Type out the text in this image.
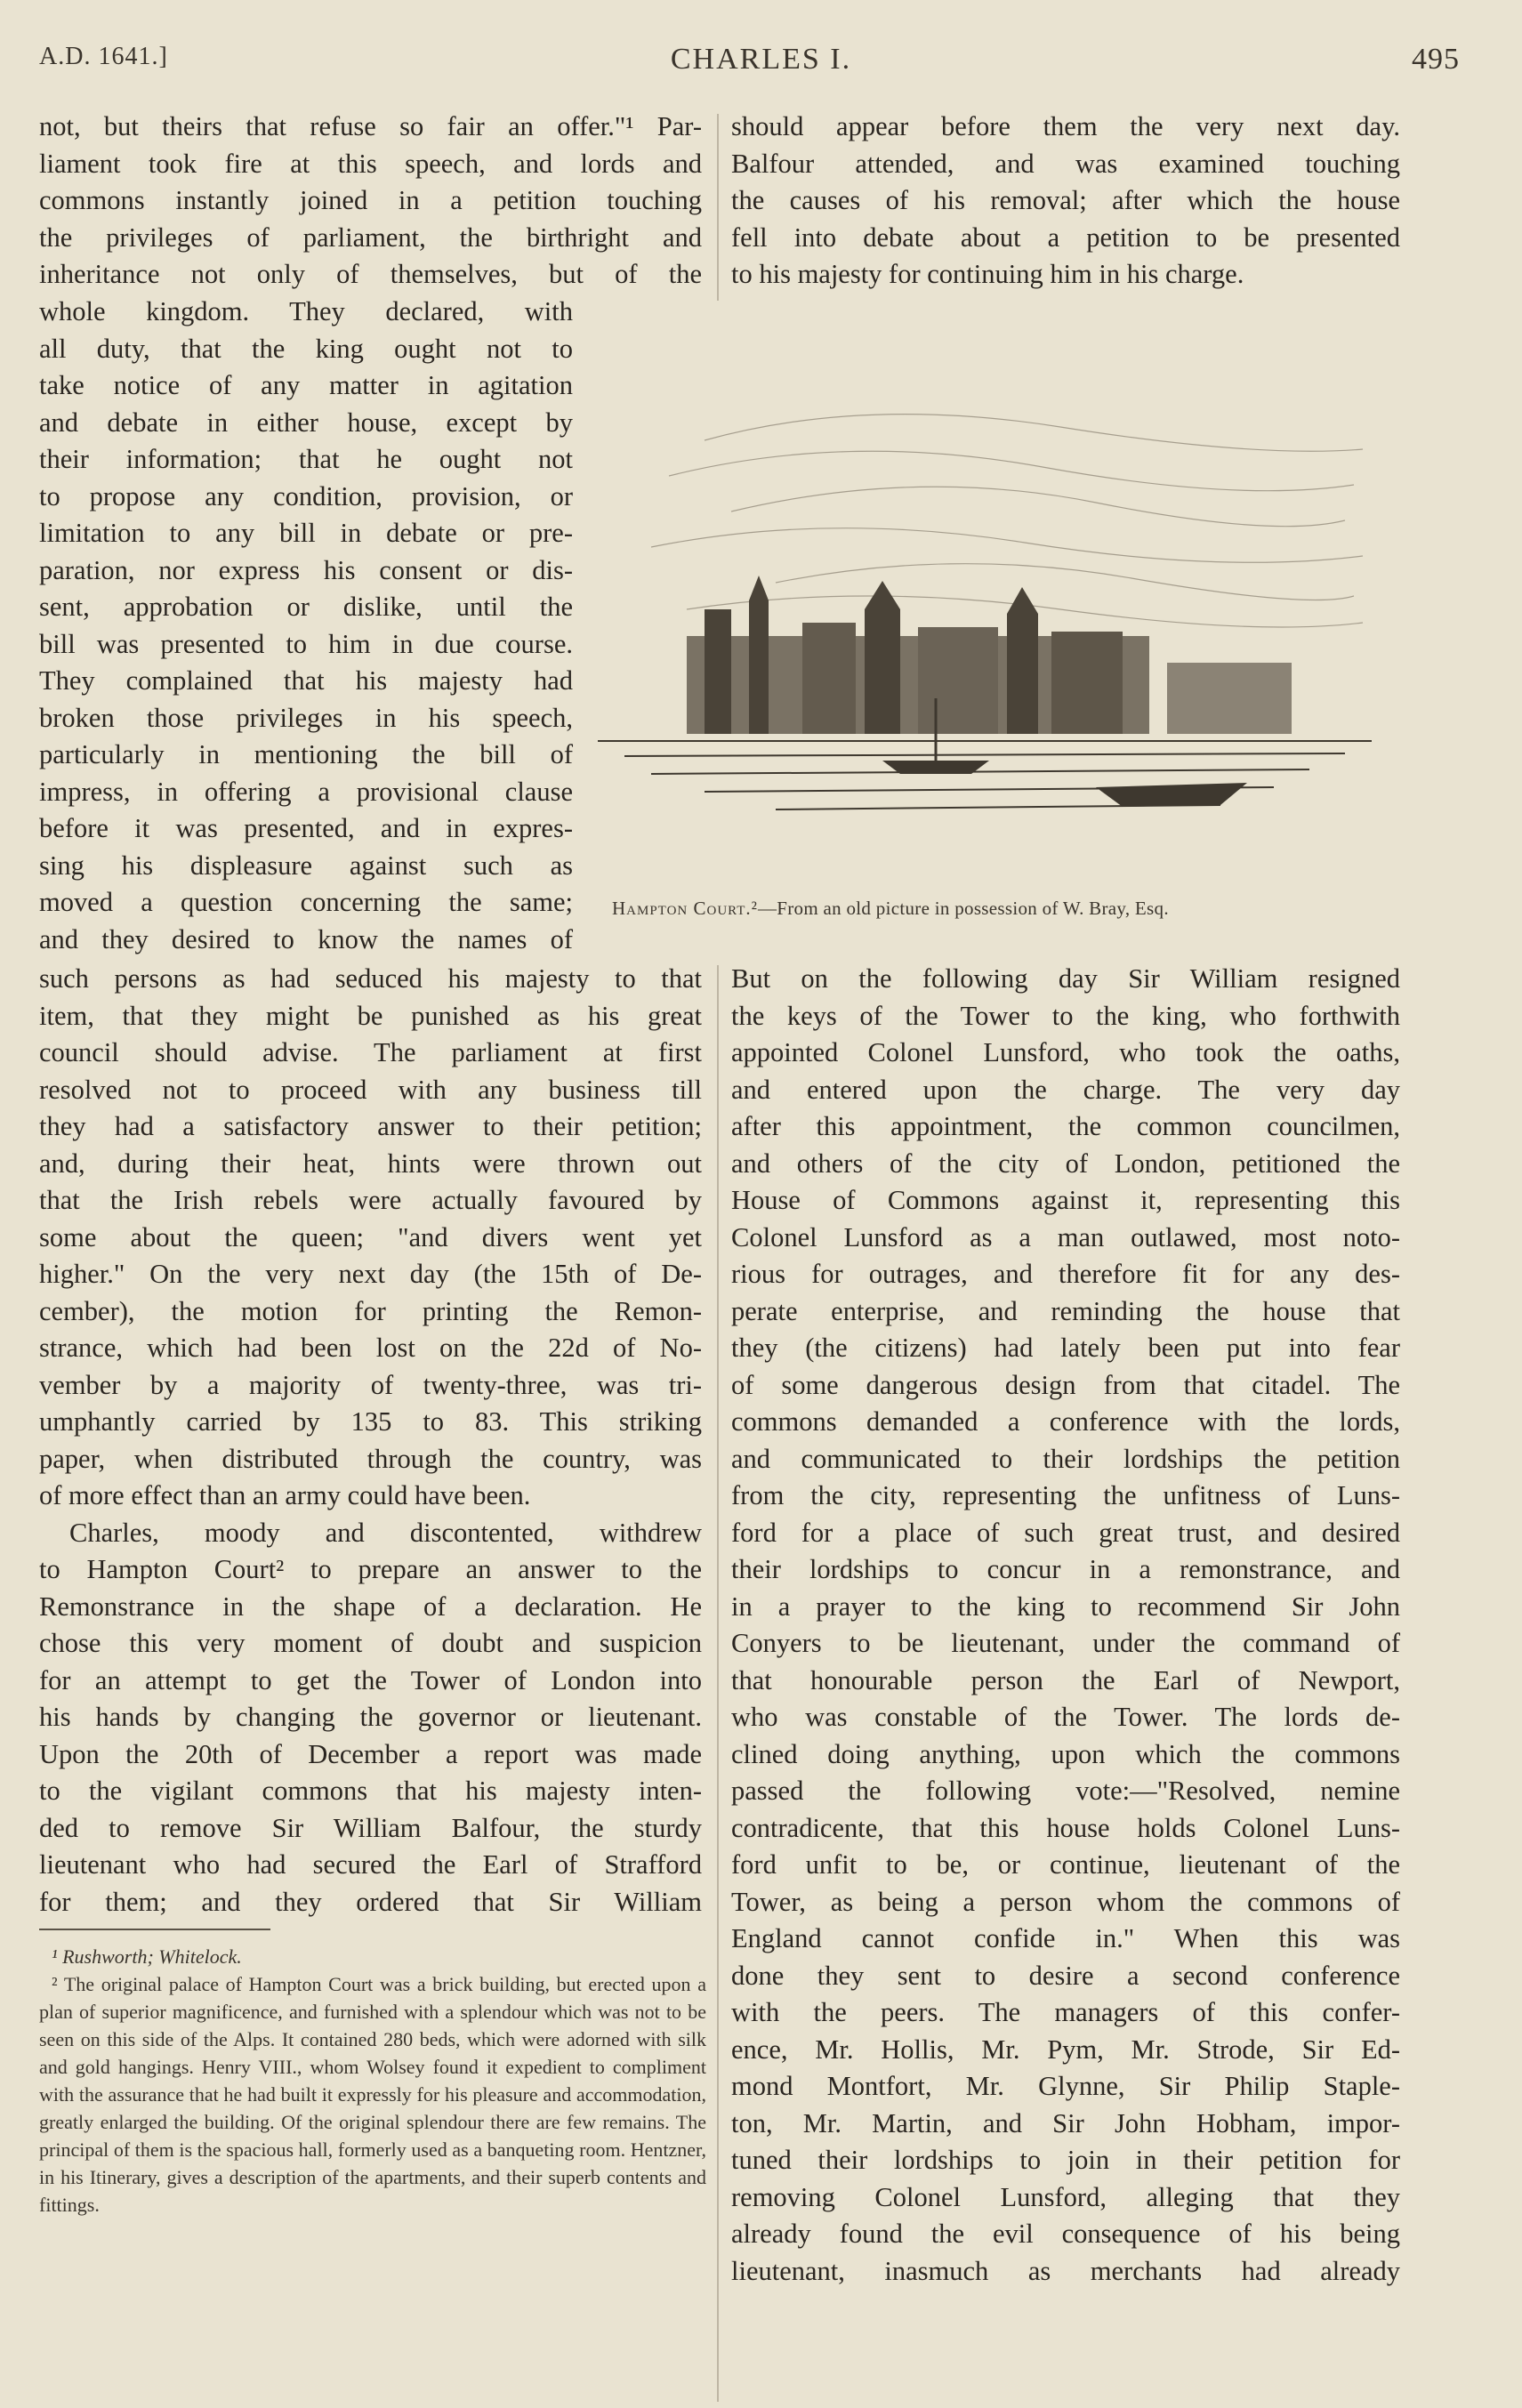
A.D. 1641.]	CHARLES I.	495

not, but theirs that refuse so fair an offer."¹ Par-

liament took fire at this speech, and lords and

commons instantly joined in a petition touching

the privileges of parliament, the birthright and

inheritance not only of themselves, but of the

should appear before them the very next day.

Balfour attended, and was examined touching

the causes of his removal; after which the house

fell into debate about a petition to be presented

to his majesty for continuing him in his charge.

whole kingdom. They declared, with

all duty, that the king ought not to

take notice of any matter in agitation

and debate in either house, except by

their information; that he ought not

to propose any condition, provision, or

limitation to any bill in debate or pre-

paration, nor express his consent or dis-

sent, approbation or dislike, until the

bill was presented to him in due course.

They complained that his majesty had

broken those privileges in his speech,

particularly in mentioning the bill of

impress, in offering a provisional clause

before it was presented, and in expres-

sing his displeasure against such as

moved a question concerning the same;

and they desired to know the names of

Hampton Court.²—From an old picture in possession of W. Bray, Esq.

such persons as had seduced his majesty to that

item, that they might be punished as his great

council should advise. The parliament at first

resolved not to proceed with any business till

they had a satisfactory answer to their petition;

and, during their heat, hints were thrown out

that the Irish rebels were actually favoured by

some about the queen; "and divers went yet

higher." On the very next day (the 15th of De-

cember), the motion for printing the Remon-

strance, which had been lost on the 22d of No-

vember by a majority of twenty-three, was tri-

umphantly carried by 135 to 83. This striking

paper, when distributed through the country, was

of more effect than an army could have been.

Charles, moody and discontented, withdrew

to Hampton Court² to prepare an answer to the

Remonstrance in the shape of a declaration. He

chose this very moment of doubt and suspicion

for an attempt to get the Tower of London into

his hands by changing the governor or lieutenant.

Upon the 20th of December a report was made

to the vigilant commons that his majesty inten-

ded to remove Sir William Balfour, the sturdy

lieutenant who had secured the Earl of Strafford

for them; and they ordered that Sir William

But on the following day Sir William resigned

the keys of the Tower to the king, who forthwith

appointed Colonel Lunsford, who took the oaths,

and entered upon the charge. The very day

after this appointment, the common councilmen,

and others of the city of London, petitioned the

House of Commons against it, representing this

Colonel Lunsford as a man outlawed, most noto-

rious for outrages, and therefore fit for any des-

perate enterprise, and reminding the house that

they (the citizens) had lately been put into fear

of some dangerous design from that citadel. The

commons demanded a conference with the lords,

and communicated to their lordships the petition

from the city, representing the unfitness of Luns-

ford for a place of such great trust, and desired

their lordships to concur in a remonstrance, and

in a prayer to the king to recommend Sir John

Conyers to be lieutenant, under the command of

that honourable person the Earl of Newport,

who was constable of the Tower. The lords de-

clined doing anything, upon which the commons

passed the following vote:—"Resolved, nemine

contradicente, that this house holds Colonel Luns-

ford unfit to be, or continue, lieutenant of the

Tower, as being a person whom the commons of

England cannot confide in." When this was

done they sent to desire a second conference

with the peers. The managers of this confer-

ence, Mr. Hollis, Mr. Pym, Mr. Strode, Sir Ed-

mond Montfort, Mr. Glynne, Sir Philip Staple-

ton, Mr. Martin, and Sir John Hobham, impor-

tuned their lordships to join in their petition for

removing Colonel Lunsford, alleging that they

already found the evil consequence of his being

lieutenant, inasmuch as merchants had already

¹ Rushworth; Whitelock.

² The original palace of Hampton Court was a brick building, but erected upon a plan of superior magnificence, and furnished with a splendour which was not to be seen on this side of the Alps. It contained 280 beds, which were adorned with silk and gold hangings. Henry VIII., whom Wolsey found it expedient to compliment with the assurance that he had built it expressly for his pleasure and accommodation, greatly enlarged the building. Of the original splendour there are few remains. The principal of them is the spacious hall, formerly used as a banqueting room. Hentzner, in his Itinerary, gives a description of the apartments, and their superb contents and fittings.
